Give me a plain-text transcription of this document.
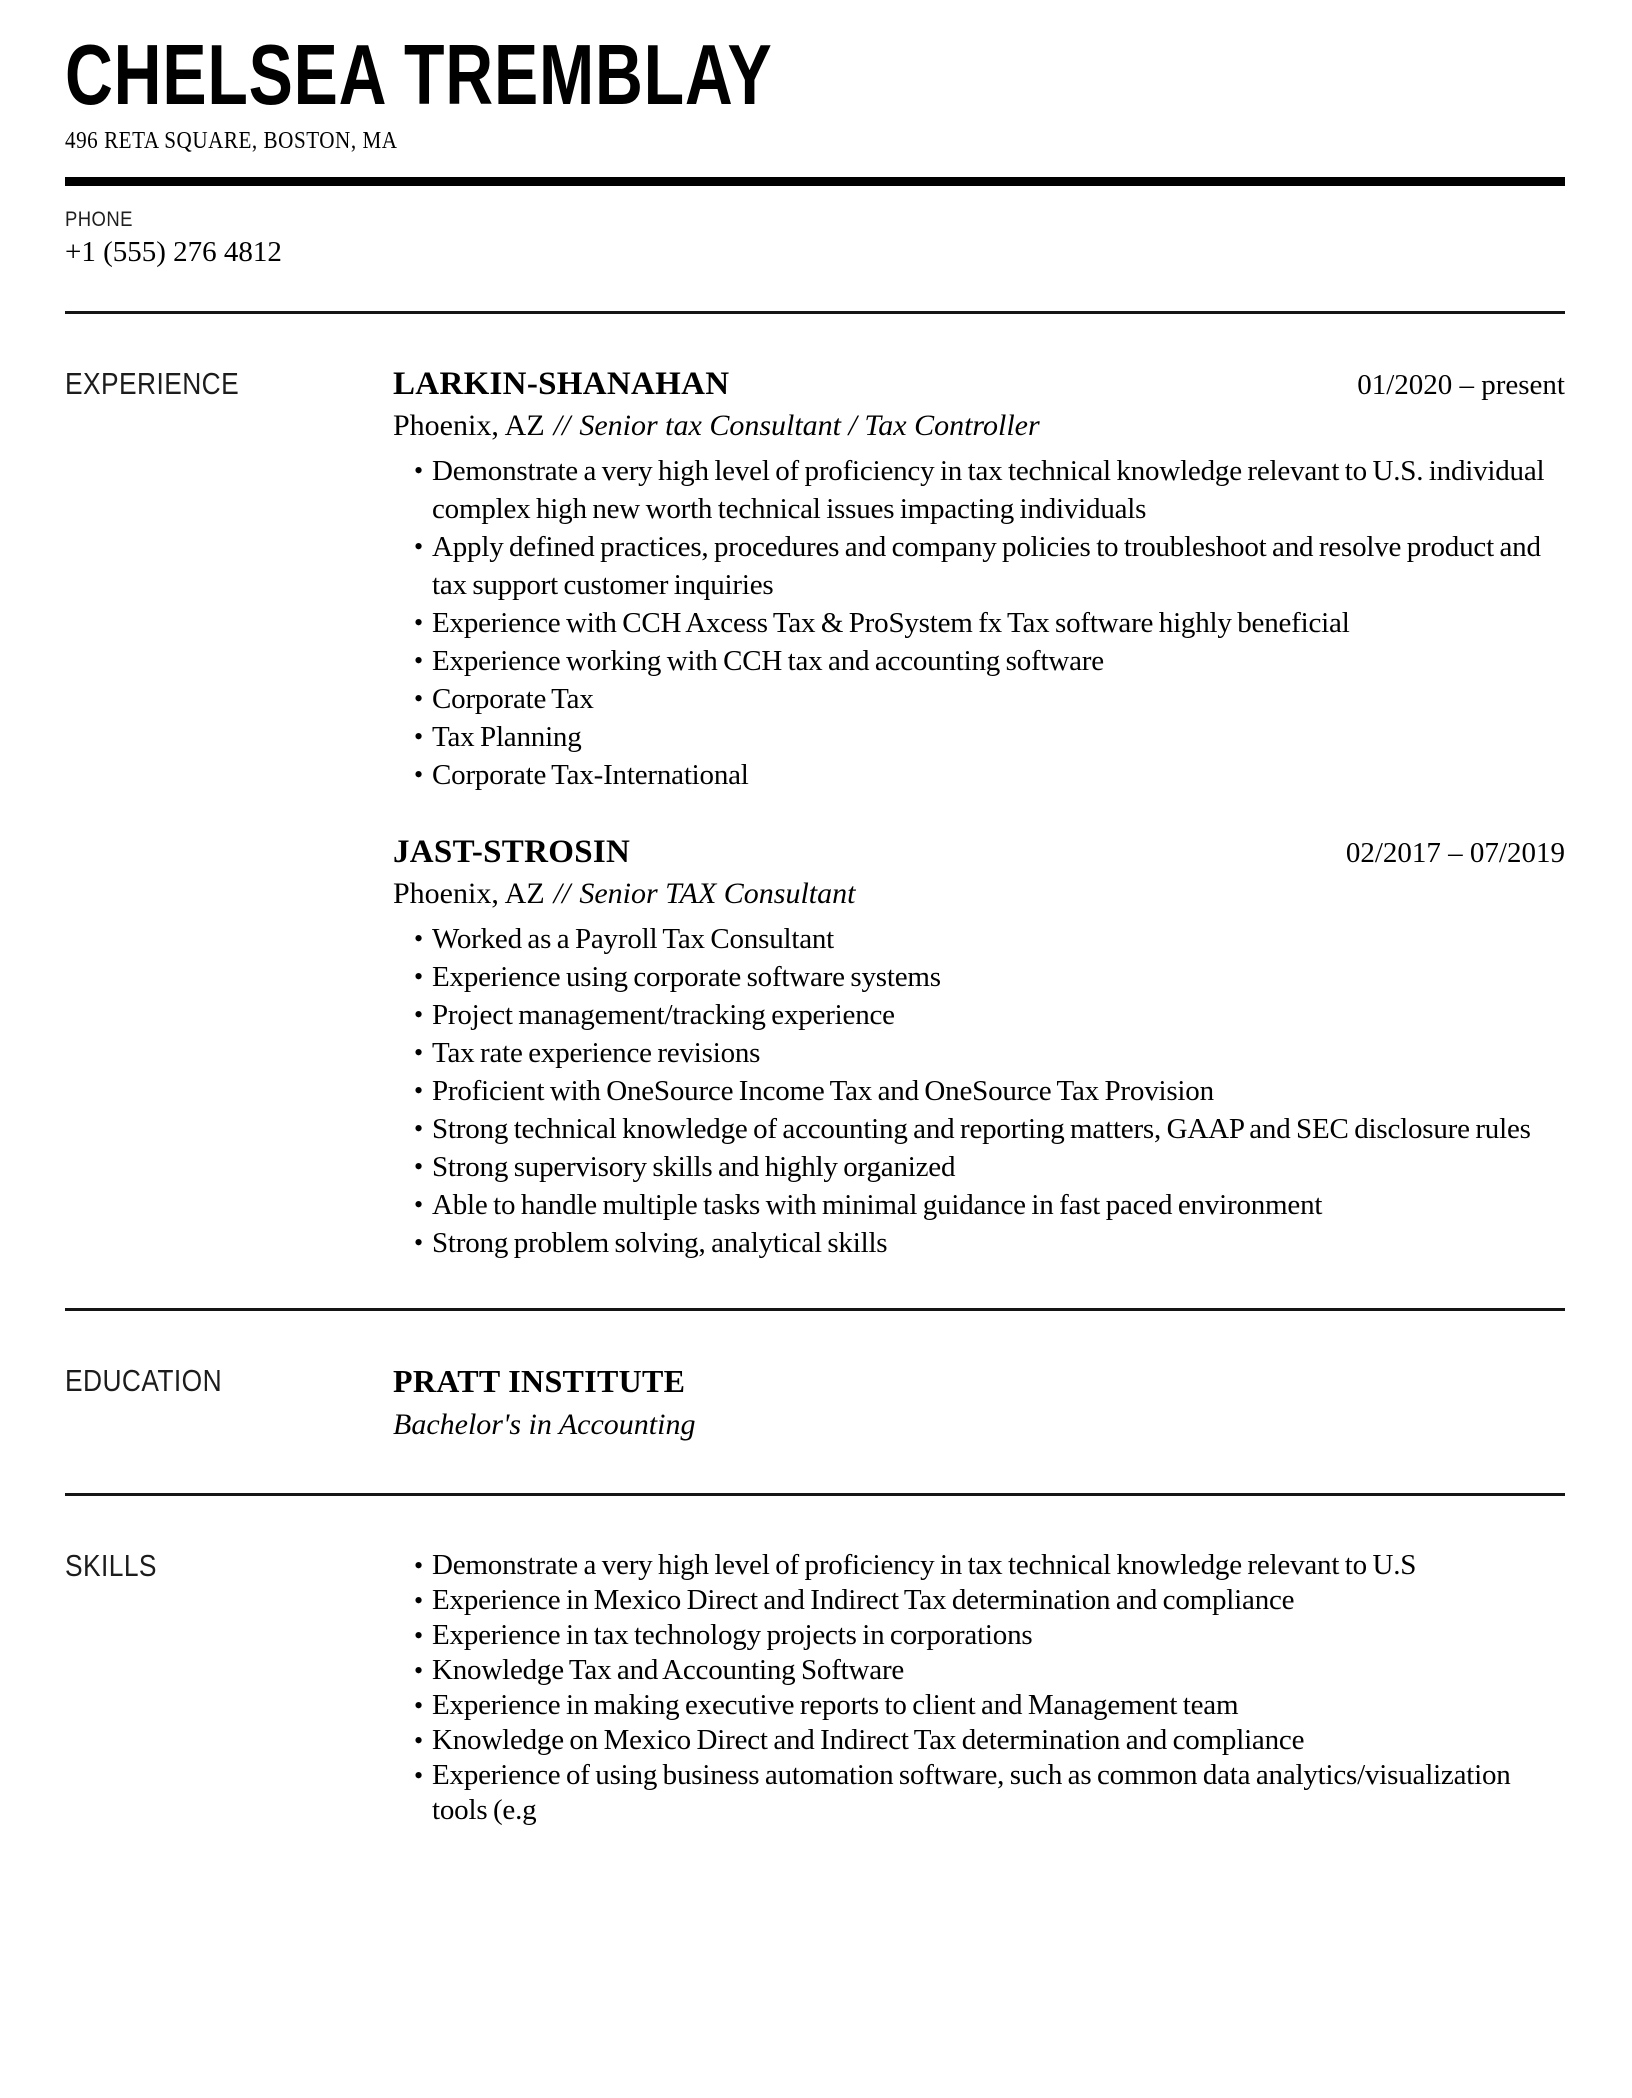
CHELSEA TREMBLAY
496 RETA SQUARE, BOSTON, MA
PHONE
+1 (555) 276 4812
EXPERIENCE	LARKIN-SHANAHAN	01/2020 – present
Phoenix, AZ // Senior tax Consultant / Tax Controller
• Demonstrate a very high level of proficiency in tax technical knowledge relevant to U.S. individual complex high new worth technical issues impacting individuals
• Apply defined practices, procedures and company policies to troubleshoot and resolve product and tax support customer inquiries
• Experience with CCH Axcess Tax & ProSystem fx Tax software highly beneficial
• Experience working with CCH tax and accounting software
• Corporate Tax
• Tax Planning
• Corporate Tax-International
JAST-STROSIN	02/2017 – 07/2019
Phoenix, AZ // Senior TAX Consultant
• Worked as a Payroll Tax Consultant
• Experience using corporate software systems
• Project management/tracking experience
• Tax rate experience revisions
• Proficient with OneSource Income Tax and OneSource Tax Provision
• Strong technical knowledge of accounting and reporting matters, GAAP and SEC disclosure rules
• Strong supervisory skills and highly organized
• Able to handle multiple tasks with minimal guidance in fast paced environment
• Strong problem solving, analytical skills
EDUCATION	PRATT INSTITUTE
Bachelor's in Accounting
SKILLS	• Demonstrate a very high level of proficiency in tax technical knowledge relevant to U.S
• Experience in Mexico Direct and Indirect Tax determination and compliance
• Experience in tax technology projects in corporations
• Knowledge Tax and Accounting Software
• Experience in making executive reports to client and Management team
• Knowledge on Mexico Direct and Indirect Tax determination and compliance
• Experience of using business automation software, such as common data analytics/visualization tools (e.g
